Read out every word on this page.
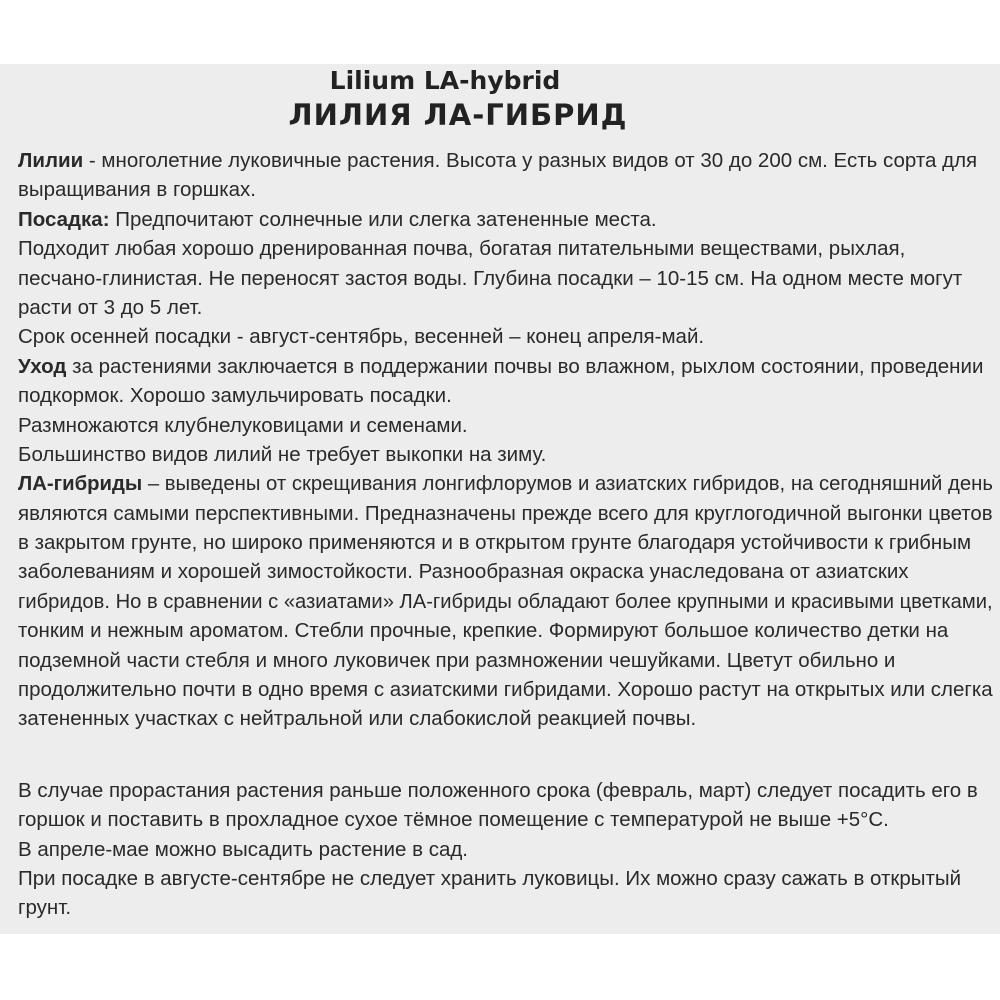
Lilium LA-hybrid
ЛИЛИЯ ЛА-ГИБРИД
Лилии - многолетние луковичные растения. Высота у разных видов от 30 до 200 см. Есть сорта для
выращивания в горшках.
Посадка: Предпочитают солнечные или слегка затененные места.
Подходит любая хорошо дренированная почва, богатая питательными веществами, рыхлая,
песчано-глинистая. Не переносят застоя воды. Глубина посадки – 10-15 см. На одном месте могут
расти от 3 до 5 лет.
Срок осенней посадки - август-сентябрь, весенней – конец апреля-май.
Уход за растениями заключается в поддержании почвы во влажном, рыхлом состоянии, проведении
подкормок. Хорошо замульчировать посадки.
Размножаются клубнелуковицами и семенами.
Большинство видов лилий не требует выкопки на зиму.
ЛА-гибриды – выведены от скрещивания лонгифлорумов и азиатских гибридов, на сегодняшний день
являются самыми перспективными. Предназначены прежде всего для круглогодичной выгонки цветов
в закрытом грунте, но широко применяются и в открытом грунте благодаря устойчивости к грибным
заболеваниям и хорошей зимостойкости. Разнообразная окраска унаследована от азиатских
гибридов. Но в сравнении с «азиатами» ЛА-гибриды обладают более крупными и красивыми цветками,
тонким и нежным ароматом. Стебли прочные, крепкие. Формируют большое количество детки на
подземной части стебля и много луковичек при размножении чешуйками. Цветут обильно и
продолжительно почти в одно время с азиатскими гибридами. Хорошо растут на открытых или слегка
затененных участках с нейтральной или слабокислой реакцией почвы.
В случае прорастания растения раньше положенного срока (февраль, март) следует посадить его в
горшок и поставить в прохладное сухое тёмное помещение с температурой не выше +5°С.
В апреле-мае можно высадить растение в сад.
При посадке в августе-сентябре не следует хранить луковицы. Их можно сразу сажать в открытый
грунт.
